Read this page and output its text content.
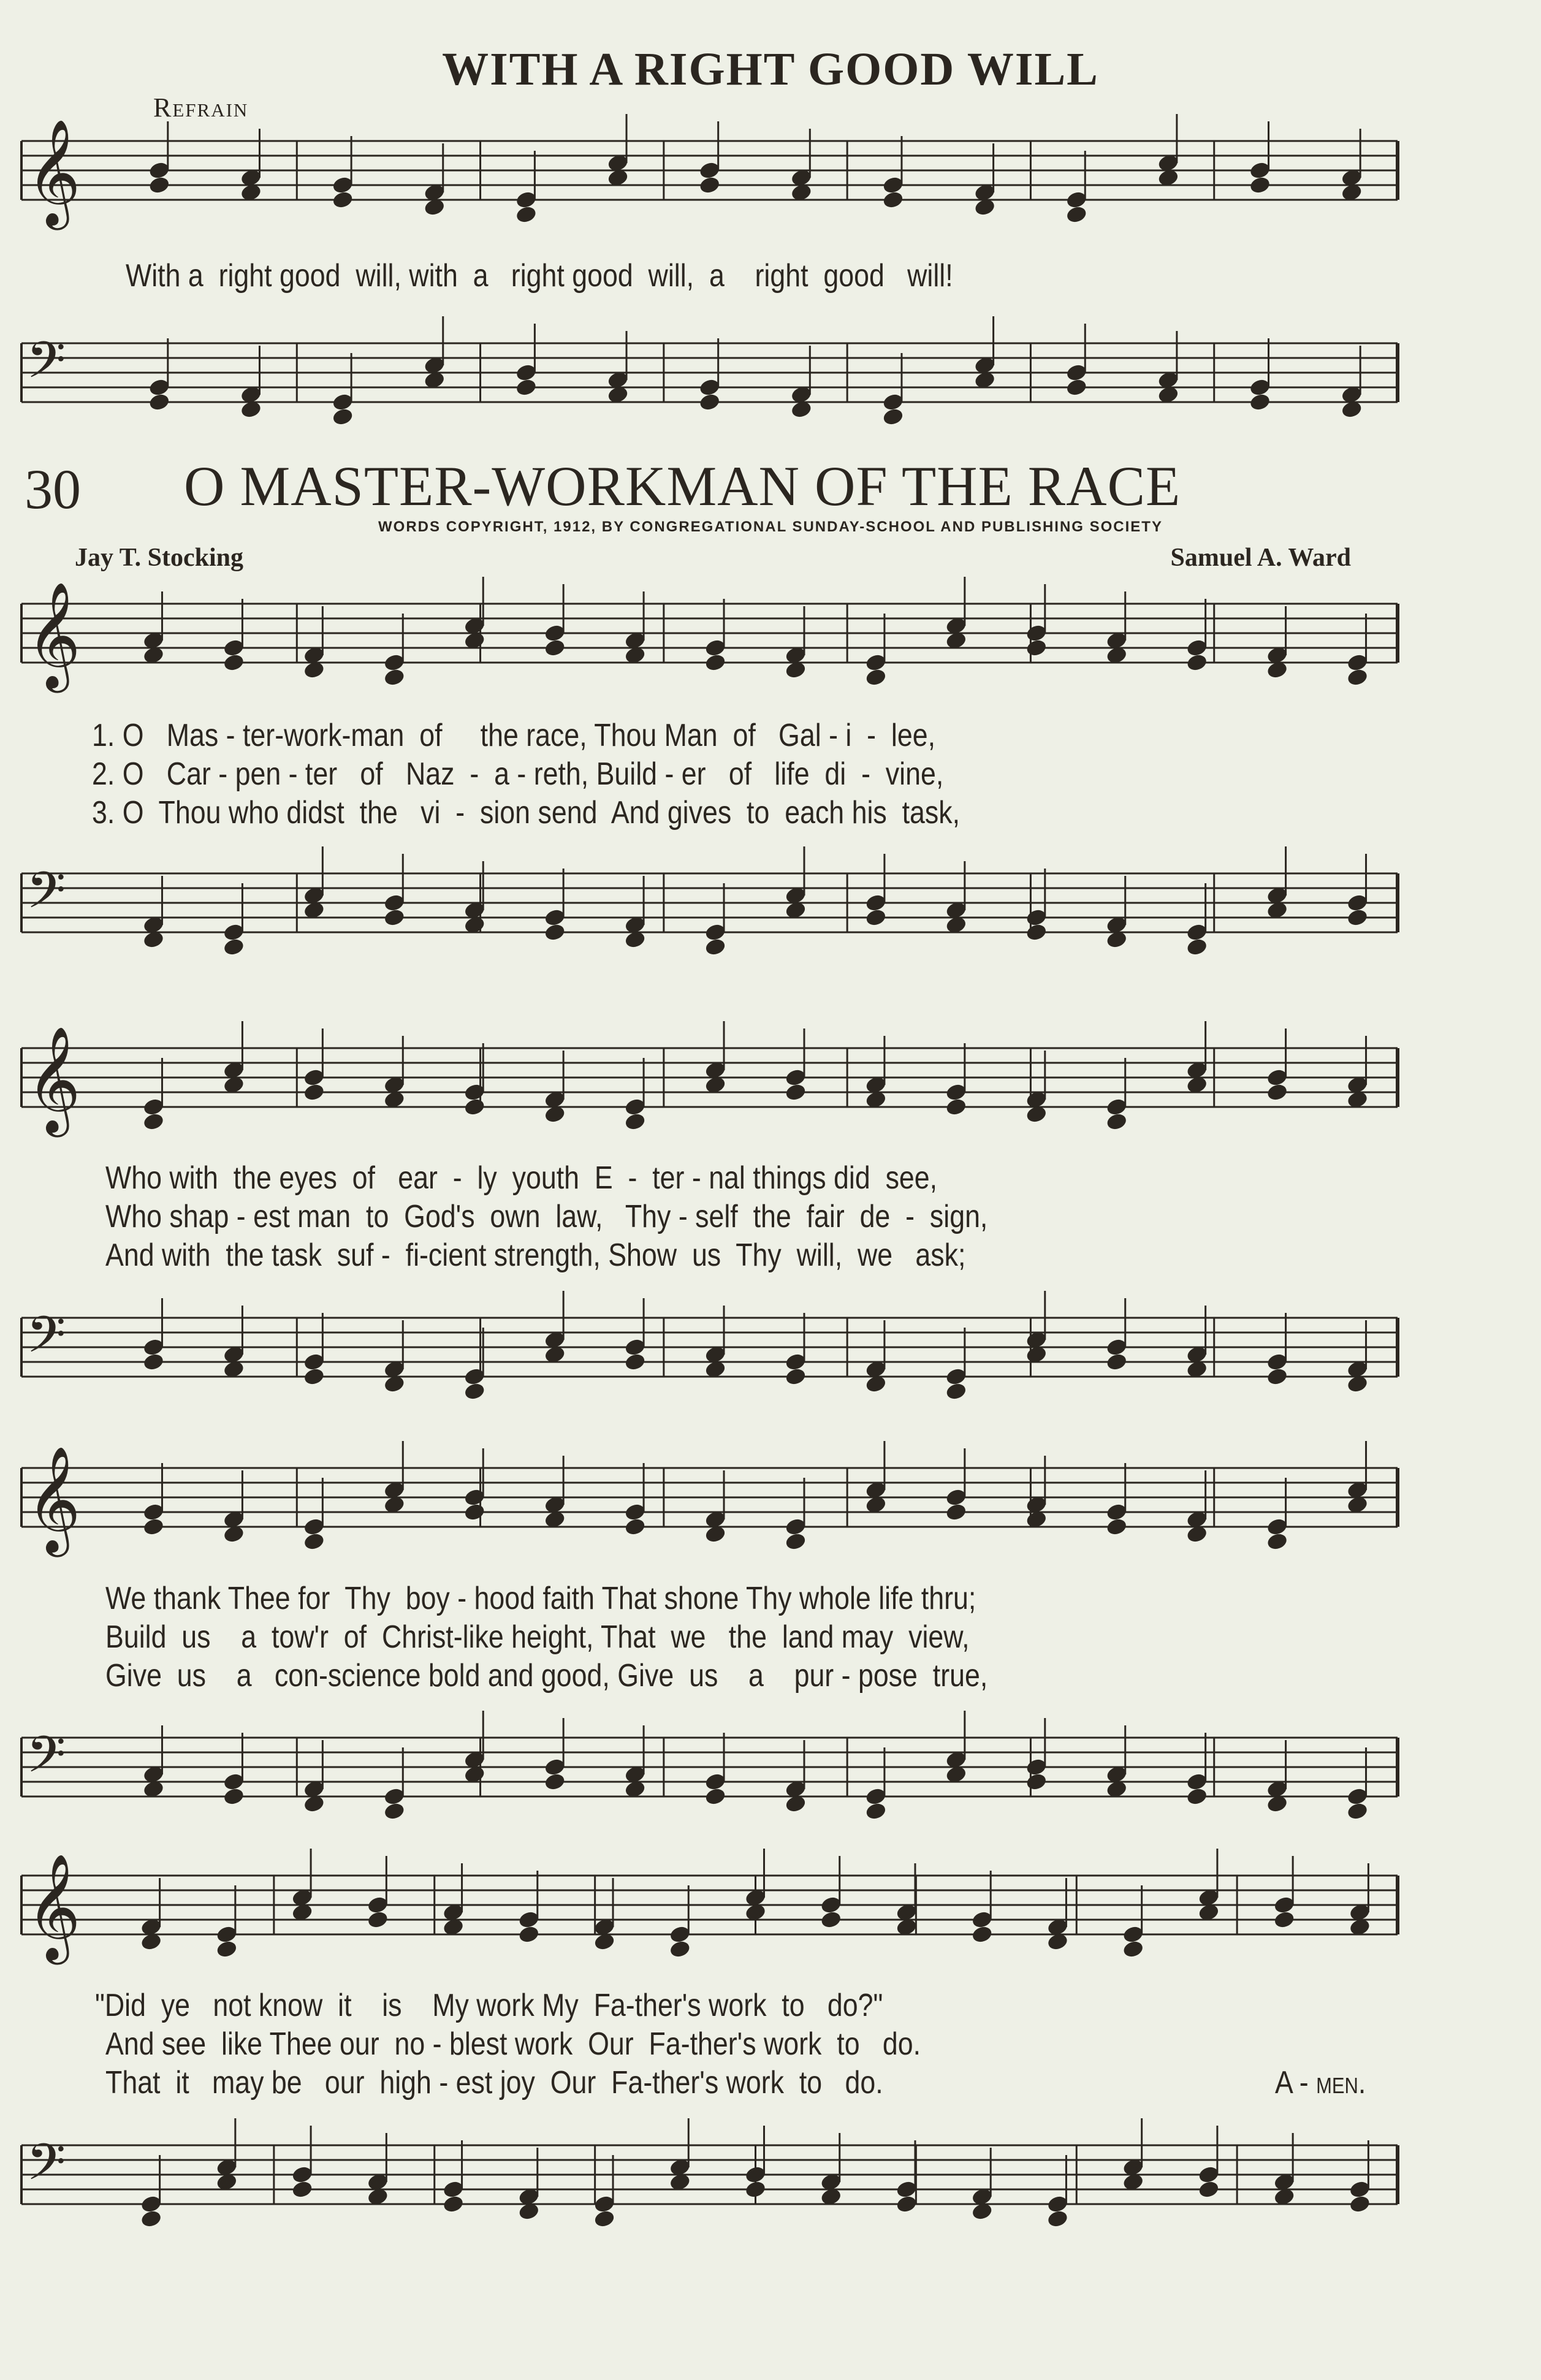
WITH A RIGHT GOOD WILL
Refrain
With a  right good  will, with  a   right good  will,  a    right  good   will!
30 O MASTER-WORKMAN OF THE RACE
WORDS COPYRIGHT, 1912, BY CONGREGATIONAL SUNDAY-SCHOOL AND PUBLISHING SOCIETY
Jay T. Stocking	Samuel A. Ward
1. O   Mas - ter-work-man  of     the race, Thou Man  of   Gal - i  -  lee,
2. O   Car - pen - ter   of   Naz  -  a - reth, Build - er   of   life  di  -  vine,
3. O  Thou who didst  the   vi  -  sion send  And gives  to  each his  task,
Who with  the eyes  of   ear  -  ly  youth  E  -  ter - nal things did  see,
Who shap - est man  to  God's  own  law,   Thy - self  the  fair  de  -  sign,
And with  the task  suf -  fi-cient strength, Show  us  Thy  will,  we   ask;
We thank Thee for  Thy  boy - hood faith That shone Thy whole life thru;
Build  us    a  tow'r  of  Christ-like height, That  we   the  land may  view,
Give  us    a   con-science bold and good, Give  us    a    pur - pose  true,
"Did  ye   not know  it    is    My work My  Fa-ther's work  to   do?"
And see  like Thee our  no - blest work  Our  Fa-ther's work  to   do.
That  it   may be   our  high - est joy  Our  Fa-ther's work  to   do.	A - men.
𝄞
𝄢
𝄞
𝄢
𝄞
𝄢
𝄞
𝄢
𝄞
𝄢
